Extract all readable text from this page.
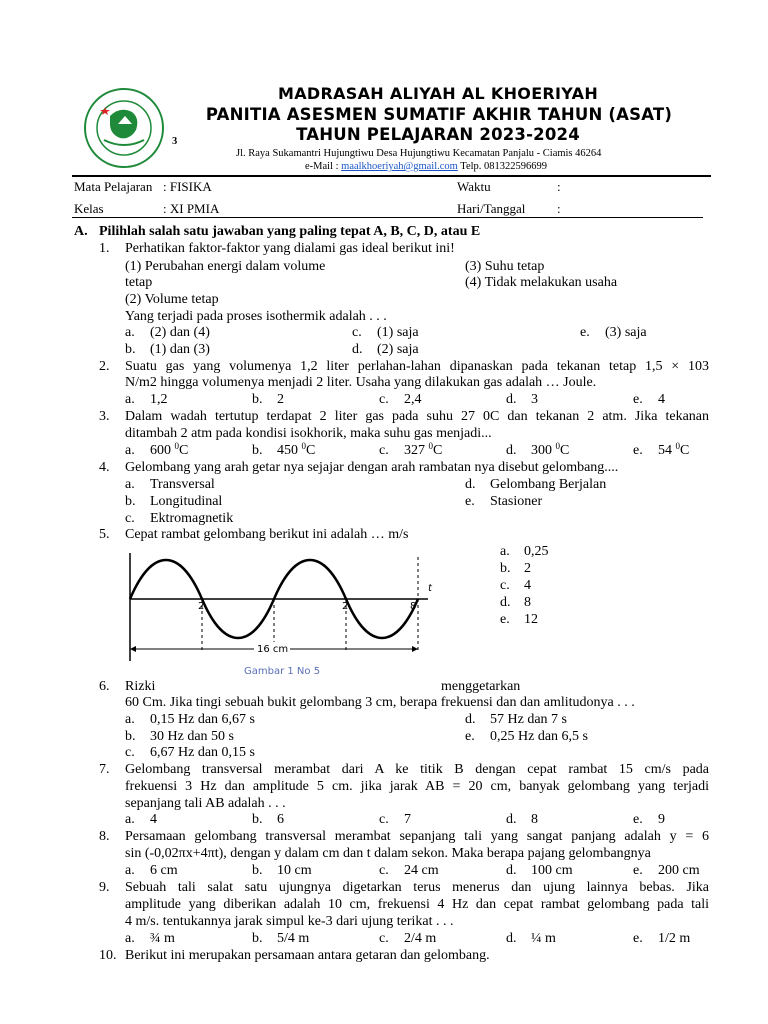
3
MADRASAH ALIYAH AL KHOERIYAH
PANITIA ASESMEN SUMATIF AKHIR TAHUN (ASAT)
TAHUN PELAJARAN 2023-2024
Jl. Raya Sukamantri Hujungtiwu Desa Hujungtiwu Kecamatan Panjalu - Ciamis 46264
e-Mail : maalkhoeriyah@gmail.com Telp. 081322596699
Mata Pelajaran : FISIKA	Waktu	:
Kelas	: XI PMIA	Hari/Tanggal :
A. Pilihlah salah satu jawaban yang paling tepat A, B, C, D, atau E
1. Perhatikan faktor-faktor yang dialami gas ideal berikut ini!
(1) Perubahan energi dalam volume
tetap
(2) Volume tetap
(3) Suhu tetap
(4) Tidak melakukan usaha
Yang terjadi pada proses isothermik adalah . . .
a. (2) dan (4)	c. (1) saja	e. (3) saja
b. (1) dan (3)	d. (2) saja
2. Suatu gas yang volumenya 1,2 liter perlahan-lahan dipanaskan pada tekanan tetap 1,5 × 103
N/m2 hingga volumenya menjadi 2 liter. Usaha yang dilakukan gas adalah … Joule.
a. 1,2	b. 2	c. 2,4	d. 3	e. 4
3. Dalam wadah tertutup terdapat 2 liter gas pada suhu 27 0C dan tekanan 2 atm. Jika tekanan
ditambah 2 atm pada kondisi isokhorik, maka suhu gas menjadi...
a. 600 $^0$C	b. 450 $^0$C	c. 327 $^0$C	d. 300 $^0$C	e. 54 $^0$C
4. Gelombang yang arah getar nya sejajar dengan arah rambatan nya disebut gelombang....
a. Transversal
b. Longitudinal
c. Ektromagnetik
d. Gelombang Berjalan
e. Stasioner
5. Cepat rambat gelombang berikut ini adalah … m/s
2	2	8
t
16 cm
Gambar 1 No 5
a. 0,25
b. 2
c. 4
d. 8
e. 12
6. Rizki	menggetarkan
60 Cm. Jika tingi sebuah bukit gelombang 3 cm, berapa frekuensi dan dan amlitudonya . . .
a. 0,15 Hz dan 6,67 s
b. 30 Hz dan 50 s
c. 6,67 Hz dan 0,15 s
d. 57 Hz dan 7 s
e. 0,25 Hz dan 6,5 s
7. Gelombang transversal merambat dari A ke titik B dengan cepat rambat 15 cm/s pada
frekuensi 3 Hz dan amplitude 5 cm. jika jarak AB = 20 cm, banyak gelombang yang terjadi
sepanjang tali AB adalah . . .
a. 4	b. 6	c. 7	d. 8	e. 9
8. Persamaan gelombang transversal merambat sepanjang tali yang sangat panjang adalah y = 6
sin (-0,02πx+4πt), dengan y dalam cm dan t dalam sekon. Maka berapa pajang gelombangnya
a. 6 cm	b. 10 cm	c. 24 cm	d. 100 cm	e. 200 cm
9. Sebuah tali salat satu ujungnya digetarkan terus menerus dan ujung lainnya bebas. Jika
amplitude yang diberikan adalah 10 cm, frekuensi 4 Hz dan cepat rambat gelombang pada tali
4 m/s. tentukannya jarak simpul ke-3 dari ujung terikat . . .
a. ¾ m	b. 5/4 m	c. 2/4 m	d. ¼ m	e. 1/2 m
10. Berikut ini merupakan persamaan antara getaran dan gelombang.
